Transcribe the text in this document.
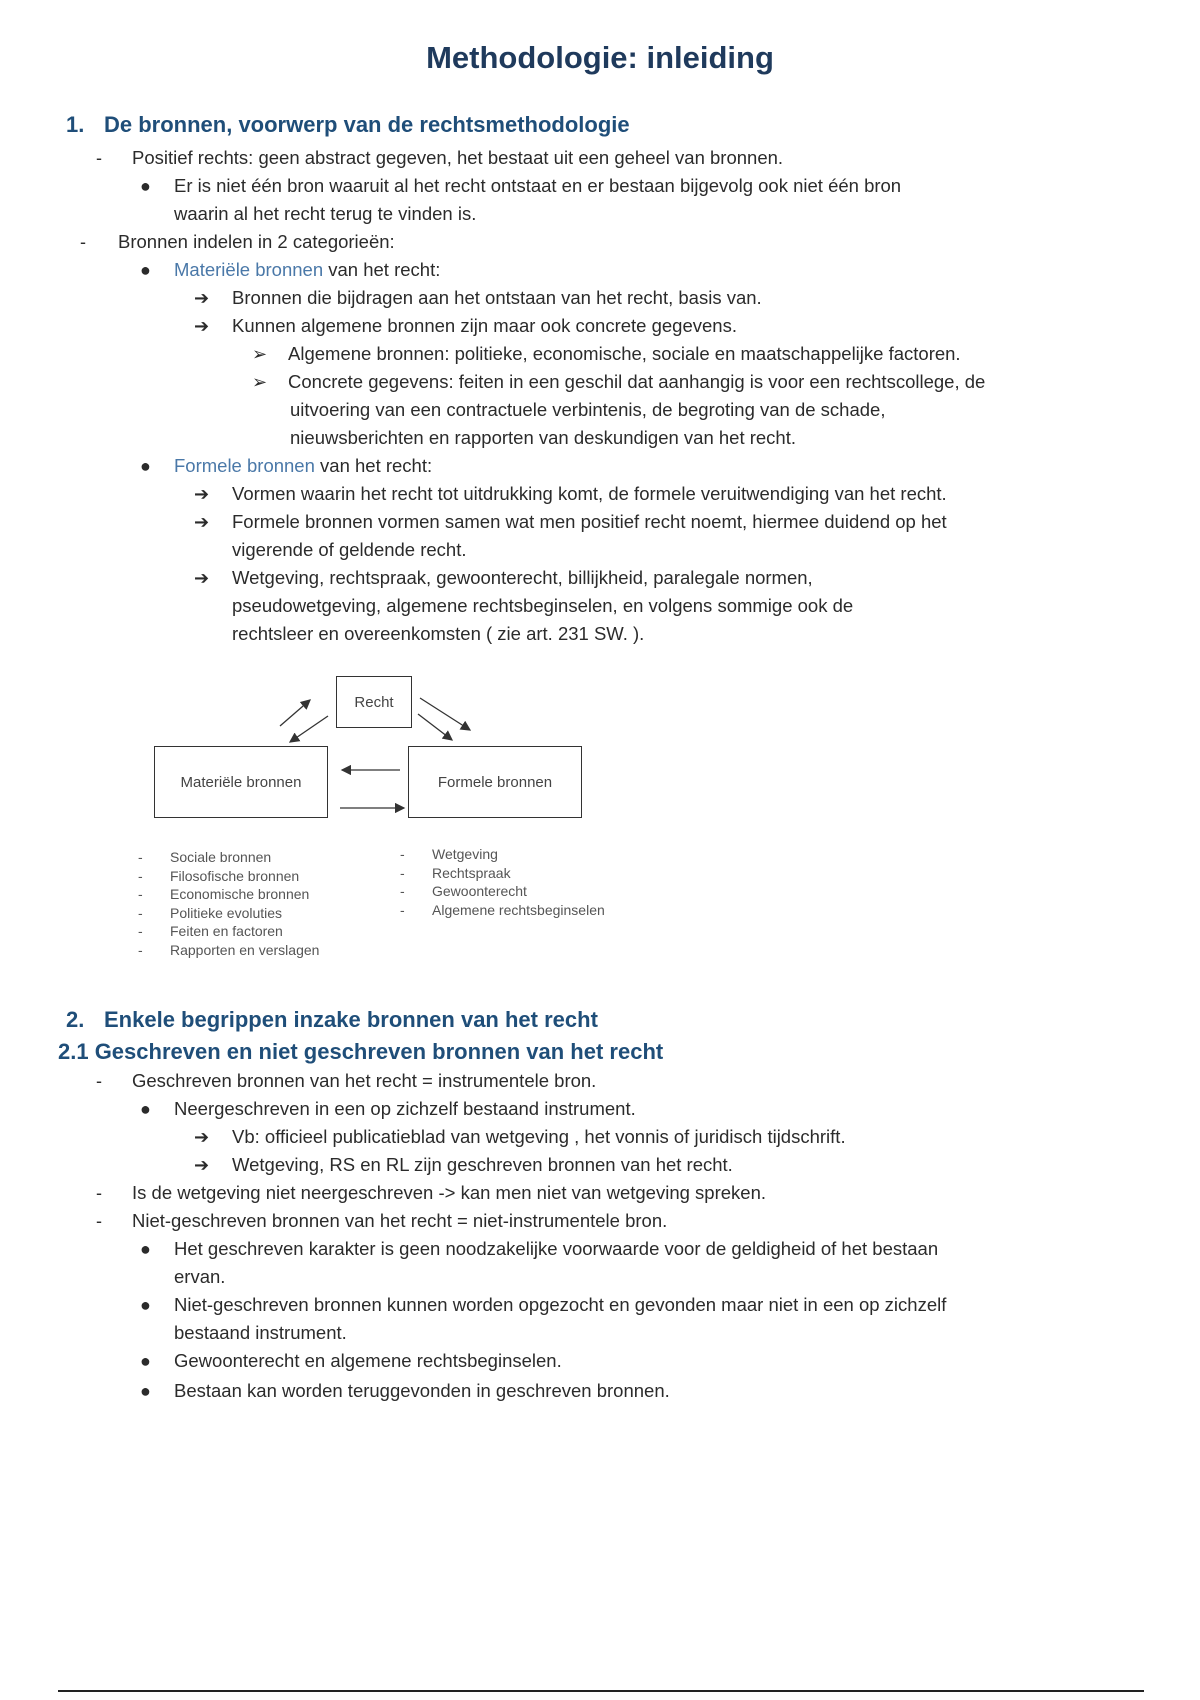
Methodologie: inleiding
1. De bronnen, voorwerp van de rechtsmethodologie
- Positief rechts: geen abstract gegeven, het bestaat uit een geheel van bronnen.
● Er is niet één bron waaruit al het recht ontstaat en er bestaan bijgevolg ook niet één bron
waarin al het recht terug te vinden is.
- Bronnen indelen in 2 categorieën:
● Materiële bronnen van het recht:
➔ Bronnen die bijdragen aan het ontstaan van het recht, basis van.
➔ Kunnen algemene bronnen zijn maar ook concrete gegevens.
➢ Algemene bronnen: politieke, economische, sociale en maatschappelijke factoren.
➢ Concrete gegevens: feiten in een geschil dat aanhangig is voor een rechtscollege, de
uitvoering van een contractuele verbintenis, de begroting van de schade,
nieuwsberichten en rapporten van deskundigen van het recht.
● Formele bronnen van het recht:
➔ Vormen waarin het recht tot uitdrukking komt, de formele veruitwendiging van het recht.
➔ Formele bronnen vormen samen wat men positief recht noemt, hiermee duidend op het
vigerende of geldende recht.
➔ Wetgeving, rechtspraak, gewoonterecht, billijkheid, paralegale normen,
pseudowetgeving, algemene rechtsbeginselen, en volgens sommige ook de
rechtsleer en overeenkomsten ( zie art. 231 SW. ).
Recht
Materiële bronnen	Formele bronnen
- Sociale bronnen
- Filosofische bronnen
- Economische bronnen
- Politieke evoluties
- Feiten en factoren
- Rapporten en verslagen
- Wetgeving
- Rechtspraak
- Gewoonterecht
- Algemene rechtsbeginselen
2. Enkele begrippen inzake bronnen van het recht
2.1 Geschreven en niet geschreven bronnen van het recht
- Geschreven bronnen van het recht = instrumentele bron.
● Neergeschreven in een op zichzelf bestaand instrument.
➔ Vb: officieel publicatieblad van wetgeving , het vonnis of juridisch tijdschrift.
➔ Wetgeving, RS en RL zijn geschreven bronnen van het recht.
- Is de wetgeving niet neergeschreven -> kan men niet van wetgeving spreken.
- Niet-geschreven bronnen van het recht = niet-instrumentele bron.
● Het geschreven karakter is geen noodzakelijke voorwaarde voor de geldigheid of het bestaan
ervan.
● Niet-geschreven bronnen kunnen worden opgezocht en gevonden maar niet in een op zichzelf
bestaand instrument.
● Gewoonterecht en algemene rechtsbeginselen.
● Bestaan kan worden teruggevonden in geschreven bronnen.
